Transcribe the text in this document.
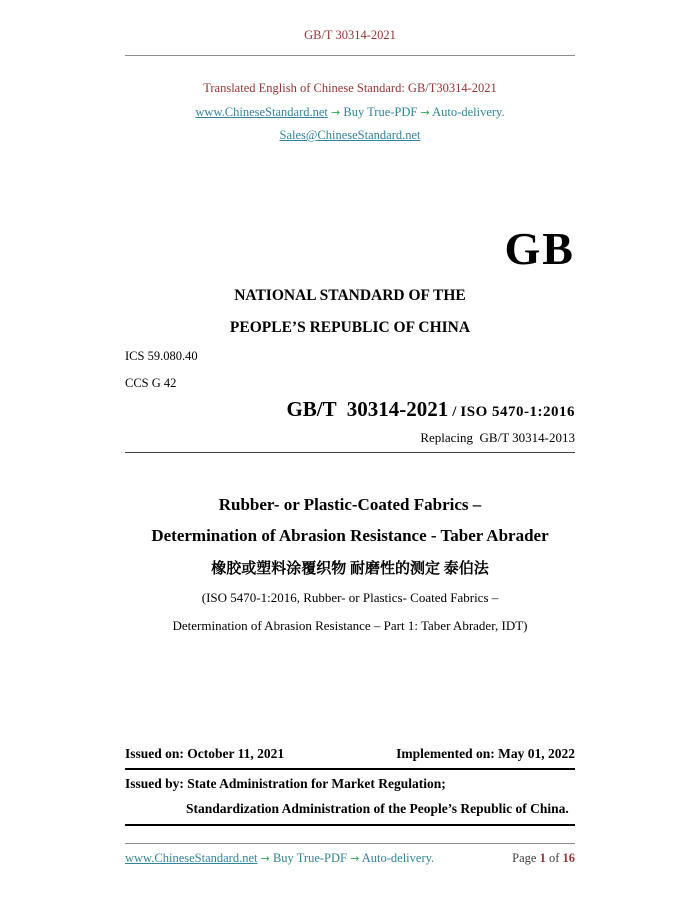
GB/T 30314-2021
Translated English of Chinese Standard: GB/T30314-2021
www.ChineseStandard.net → Buy True-PDF → Auto-delivery.
Sales@ChineseStandard.net
GB
NATIONAL STANDARD OF THE
PEOPLE’S REPUBLIC OF CHINA
ICS 59.080.40
CCS G 42
GB/T  30314-2021 / ISO 5470-1:2016
Replacing  GB/T 30314-2013
Rubber- or Plastic-Coated Fabrics –
Determination of Abrasion Resistance - Taber Abrader
橡胶或塑料涂覆织物 耐磨性的测定 泰伯法
(ISO 5470-1:2016, Rubber- or Plastics- Coated Fabrics –
Determination of Abrasion Resistance – Part 1: Taber Abrader, IDT)
Issued on: October 11, 2021	Implemented on: May 01, 2022
Issued by: State Administration for Market Regulation;
Standardization Administration of the People’s Republic of China.
www.ChineseStandard.net → Buy True-PDF → Auto-delivery.	Page 1 of 16
